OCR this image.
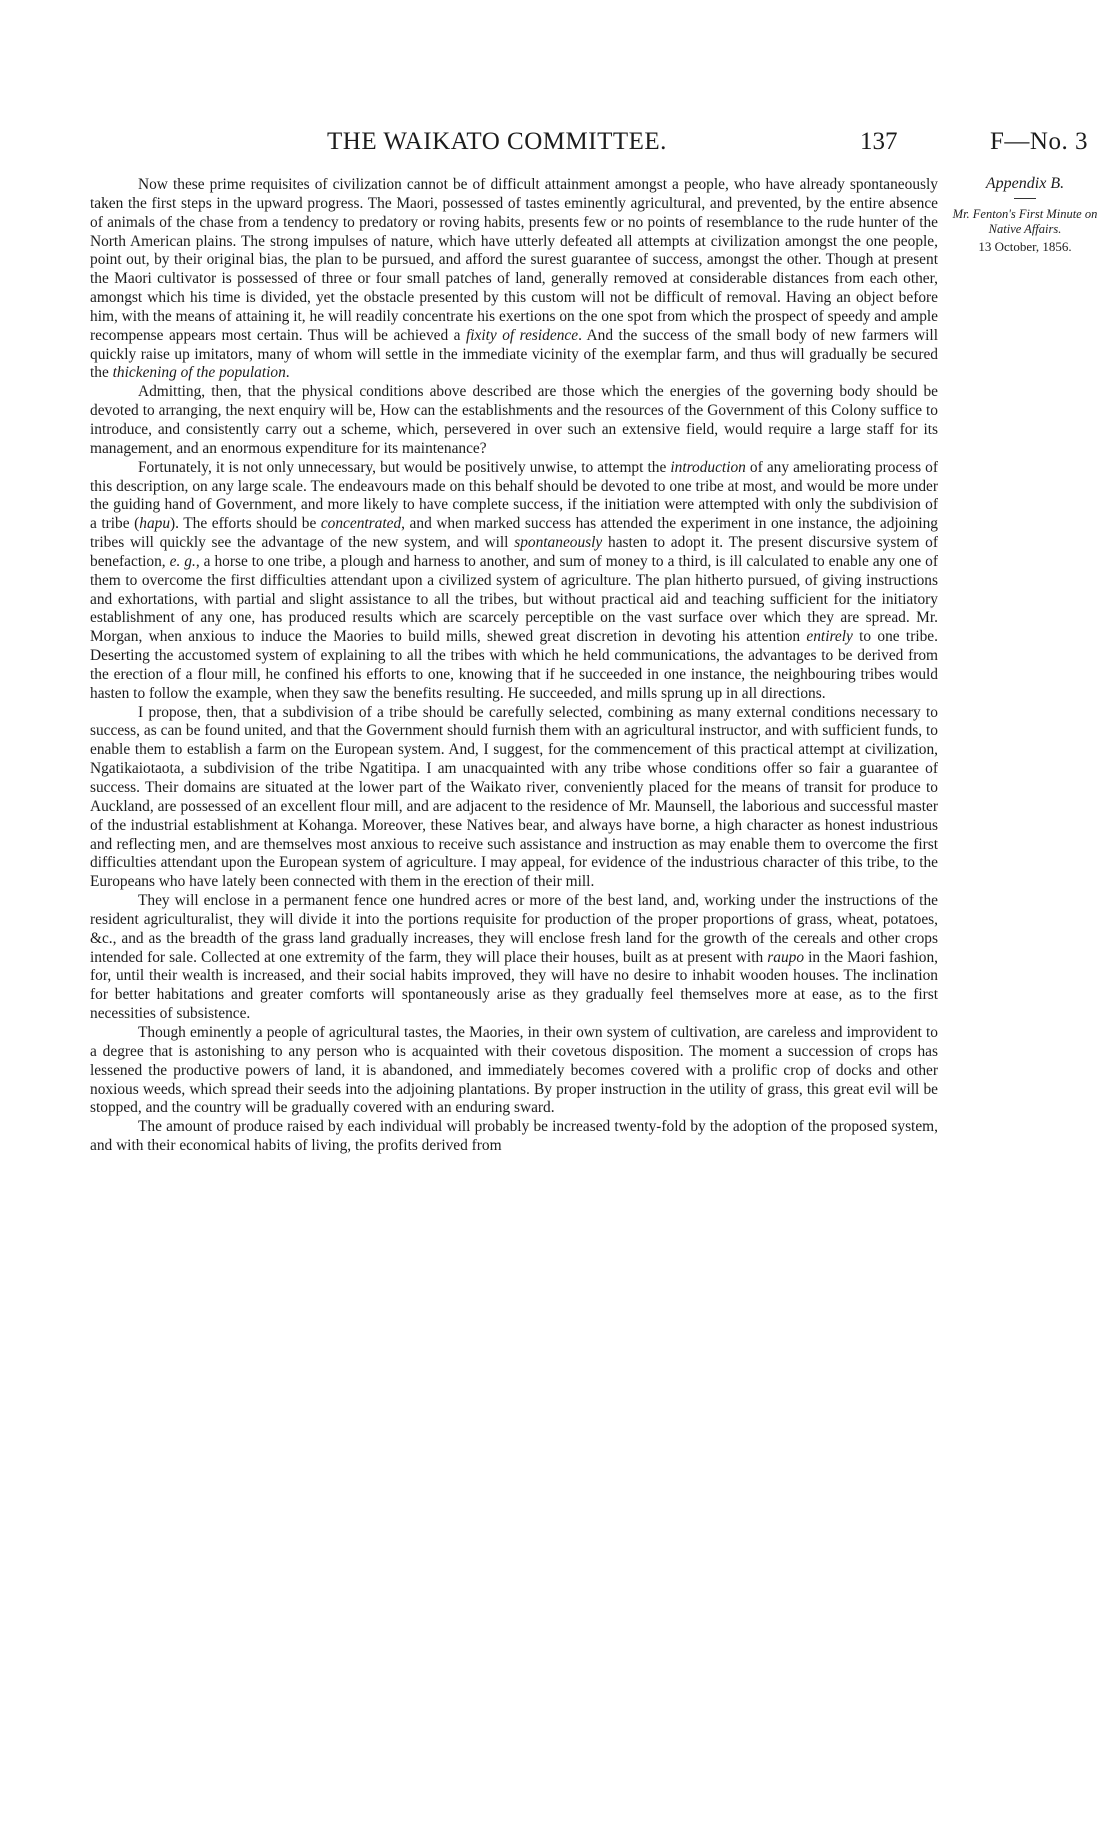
THE WAIKATO COMMITTEE.	137	F—No. 3
Appendix B.
Mr. Fenton's First Minute on Native Affairs.
13 October, 1856.

Now these prime requisites of civilization cannot be of difficult attainment amongst a people, who have already spontaneously taken the first steps in the upward progress. The Maori, possessed of tastes eminently agricultural, and prevented, by the entire absence of animals of the chase from a tendency to predatory or roving habits, presents few or no points of resemblance to the rude hunter of the North American plains. The strong impulses of nature, which have utterly defeated all attempts at civilization amongst the one people, point out, by their original bias, the plan to be pursued, and afford the surest guarantee of success, amongst the other. Though at present the Maori cultivator is possessed of three or four small patches of land, generally removed at considerable distances from each other, amongst which his time is divided, yet the obstacle presented by this custom will not be difficult of removal. Having an object before him, with the means of attaining it, he will readily concentrate his exertions on the one spot from which the prospect of speedy and ample recompense appears most certain. Thus will be achieved a fixity of residence. And the success of the small body of new farmers will quickly raise up imitators, many of whom will settle in the immediate vicinity of the exemplar farm, and thus will gradually be secured the thickening of the population.

Admitting, then, that the physical conditions above described are those which the energies of the governing body should be devoted to arranging, the next enquiry will be, How can the establishments and the resources of the Government of this Colony suffice to introduce, and consistently carry out a scheme, which, persevered in over such an extensive field, would require a large staff for its management, and an enormous expenditure for its maintenance?

Fortunately, it is not only unnecessary, but would be positively unwise, to attempt the introduction of any ameliorating process of this description, on any large scale. The endeavours made on this behalf should be devoted to one tribe at most, and would be more under the guiding hand of Government, and more likely to have complete success, if the initiation were attempted with only the subdivision of a tribe (hapu). The efforts should be concentrated, and when marked success has attended the experiment in one instance, the adjoining tribes will quickly see the advantage of the new system, and will spontaneously hasten to adopt it. The present discursive system of benefaction, e. g., a horse to one tribe, a plough and harness to another, and sum of money to a third, is ill calculated to enable any one of them to overcome the first difficulties attendant upon a civilized system of agriculture. The plan hitherto pursued, of giving instructions and exhortations, with partial and slight assistance to all the tribes, but without practical aid and teaching sufficient for the initiatory establishment of any one, has produced results which are scarcely perceptible on the vast surface over which they are spread. Mr. Morgan, when anxious to induce the Maories to build mills, shewed great discretion in devoting his attention entirely to one tribe. Deserting the accustomed system of explaining to all the tribes with which he held communications, the advantages to be derived from the erection of a flour mill, he confined his efforts to one, knowing that if he succeeded in one instance, the neighbouring tribes would hasten to follow the example, when they saw the benefits resulting. He succeeded, and mills sprung up in all directions.

I propose, then, that a subdivision of a tribe should be carefully selected, combining as many external conditions necessary to success, as can be found united, and that the Government should furnish them with an agricultural instructor, and with sufficient funds, to enable them to establish a farm on the European system. And, I suggest, for the commencement of this practical attempt at civilization, Ngatikaiotaota, a subdivision of the tribe Ngatitipa. I am unacquainted with any tribe whose conditions offer so fair a guarantee of success. Their domains are situated at the lower part of the Waikato river, conveniently placed for the means of transit for produce to Auckland, are possessed of an excellent flour mill, and are adjacent to the residence of Mr. Maunsell, the laborious and successful master of the industrial establishment at Kohanga. Moreover, these Natives bear, and always have borne, a high character as honest industrious and reflecting men, and are themselves most anxious to receive such assistance and instruction as may enable them to overcome the first difficulties attendant upon the European system of agriculture. I may appeal, for evidence of the industrious character of this tribe, to the Europeans who have lately been connected with them in the erection of their mill.

They will enclose in a permanent fence one hundred acres or more of the best land, and, working under the instructions of the resident agriculturalist, they will divide it into the portions requisite for production of the proper proportions of grass, wheat, potatoes, &c., and as the breadth of the grass land gradually increases, they will enclose fresh land for the growth of the cereals and other crops intended for sale. Collected at one extremity of the farm, they will place their houses, built as at present with raupo in the Maori fashion, for, until their wealth is increased, and their social habits improved, they will have no desire to inhabit wooden houses. The inclination for better habitations and greater comforts will spontaneously arise as they gradually feel themselves more at ease, as to the first necessities of subsistence.

Though eminently a people of agricultural tastes, the Maories, in their own system of cultivation, are careless and improvident to a degree that is astonishing to any person who is acquainted with their covetous disposition. The moment a succession of crops has lessened the productive powers of land, it is abandoned, and immediately becomes covered with a prolific crop of docks and other noxious weeds, which spread their seeds into the adjoining plantations. By proper instruction in the utility of grass, this great evil will be stopped, and the country will be gradually covered with an enduring sward.

The amount of produce raised by each individual will probably be increased twenty-fold by the adoption of the proposed system, and with their economical habits of living, the profits derived from
